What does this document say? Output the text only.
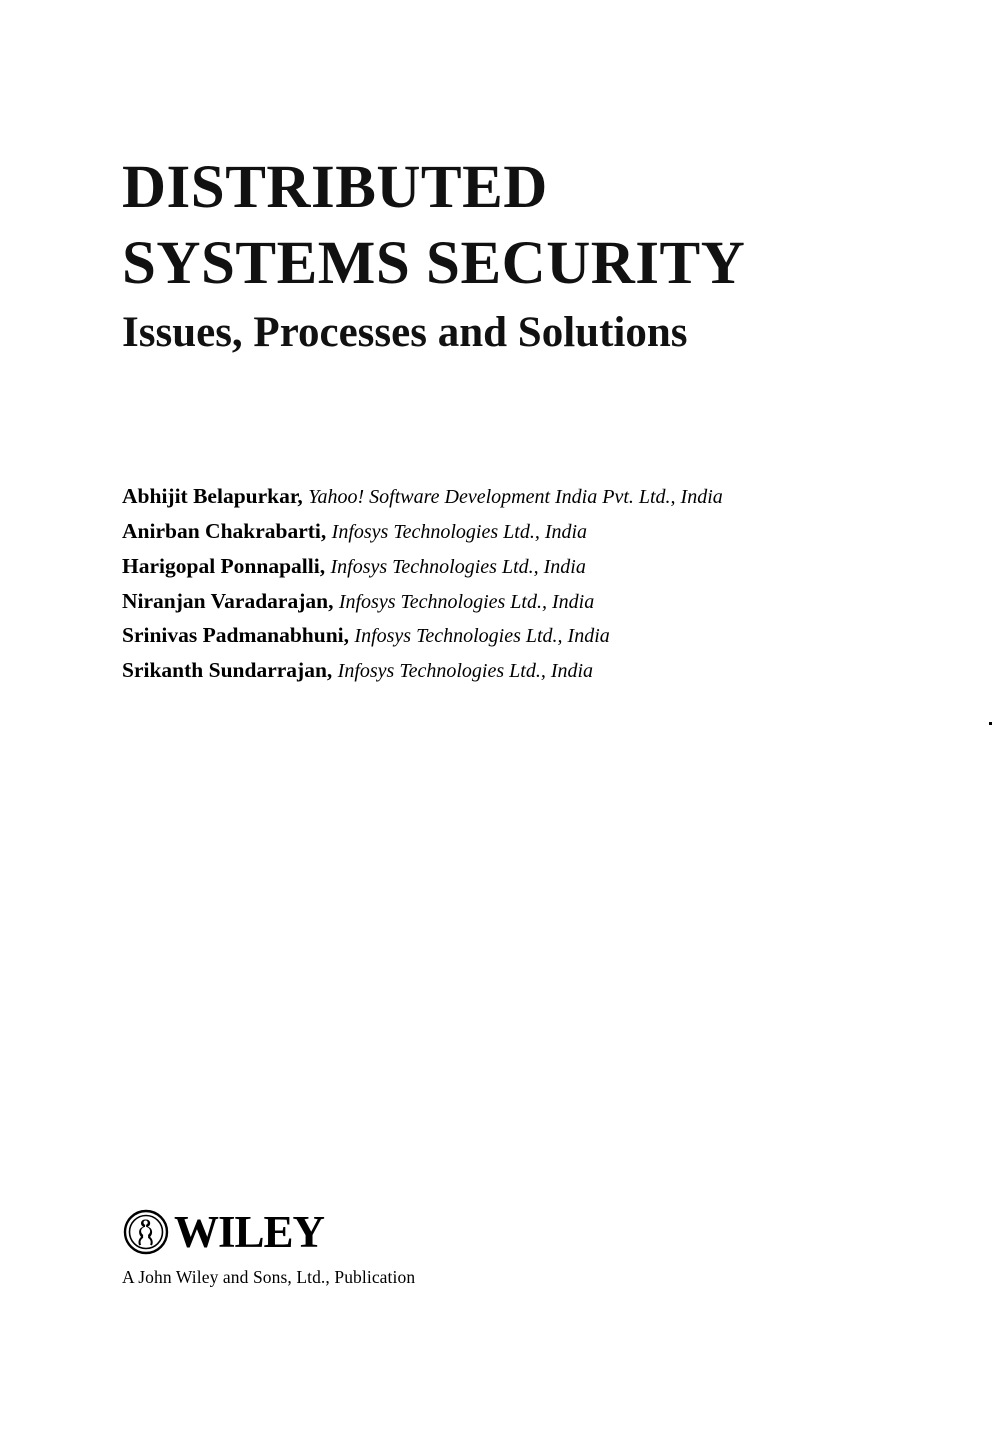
DISTRIBUTED
SYSTEMS SECURITY
Issues, Processes and Solutions
Abhijit Belapurkar, Yahoo! Software Development India Pvt. Ltd., India
Anirban Chakrabarti, Infosys Technologies Ltd., India
Harigopal Ponnapalli, Infosys Technologies Ltd., India
Niranjan Varadarajan, Infosys Technologies Ltd., India
Srinivas Padmanabhuni, Infosys Technologies Ltd., India
Srikanth Sundarrajan, Infosys Technologies Ltd., India
WILEY
A John Wiley and Sons, Ltd., Publication
